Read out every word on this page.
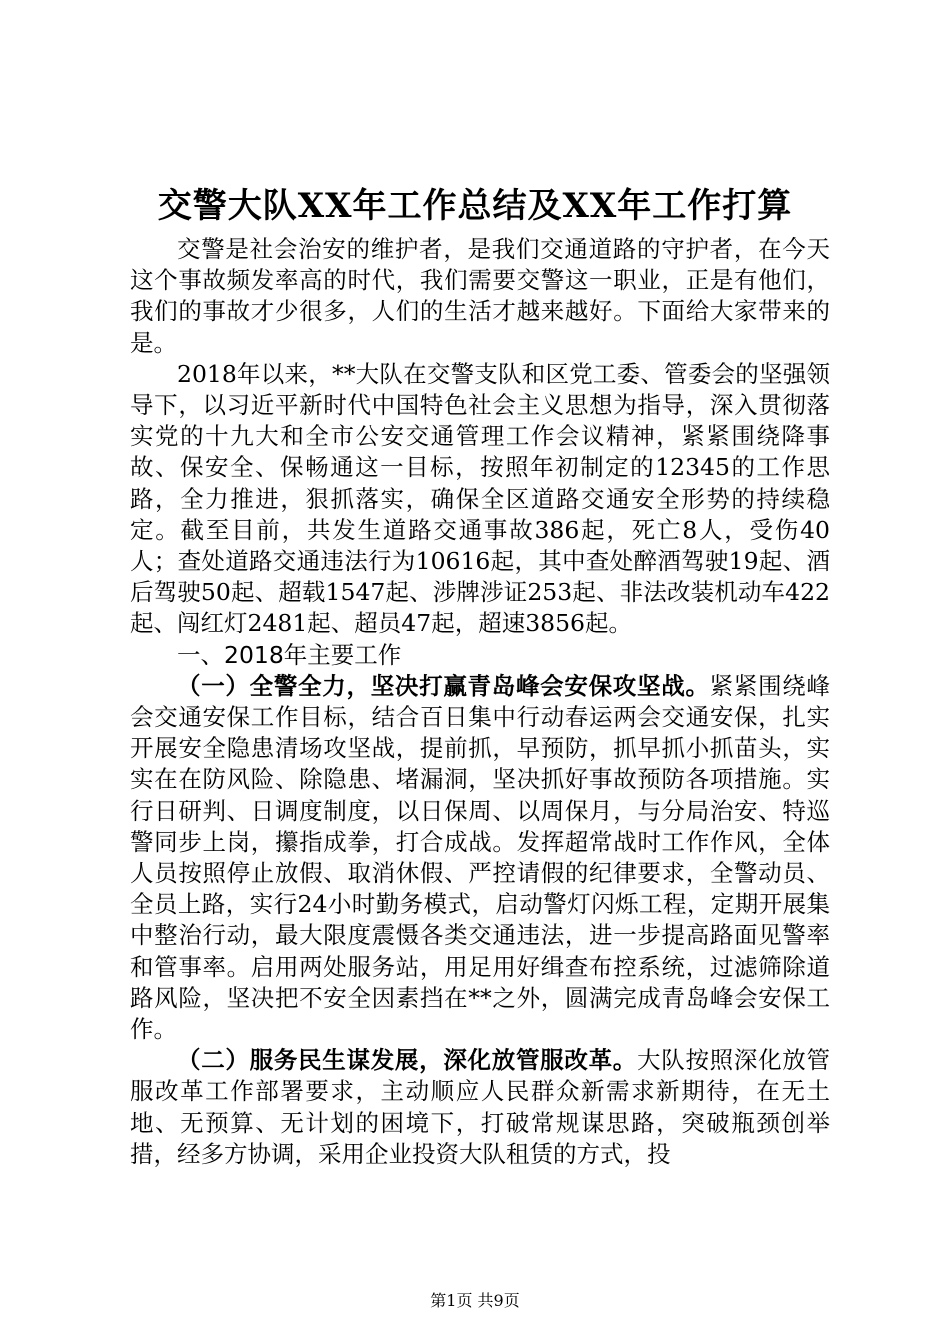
交警大队XX年工作总结及XX年工作打算

交警是社会治安的维护者，是我们交通道路的守护者，在今天这个事故频发率高的时代，我们需要交警这一职业，正是有他们，我们的事故才少很多，人们的生活才越来越好。下面给大家带来的是。

2018年以来，**大队在交警支队和区党工委、管委会的坚强领导下，以习近平新时代中国特色社会主义思想为指导，深入贯彻落实党的十九大和全市公安交通管理工作会议精神，紧紧围绕降事故、保安全、保畅通这一目标，按照年初制定的12345的工作思路，全力推进，狠抓落实，确保全区道路交通安全形势的持续稳定。截至目前，共发生道路交通事故386起，死亡8人，受伤40人；查处道路交通违法行为10616起，其中查处醉酒驾驶19起、酒后驾驶50起、超载1547起、涉牌涉证253起、非法改装机动车422起、闯红灯2481起、超员47起，超速3856起。

一、2018年主要工作

（一）全警全力，坚决打赢青岛峰会安保攻坚战。紧紧围绕峰会交通安保工作目标，结合百日集中行动春运两会交通安保，扎实开展安全隐患清场攻坚战，提前抓，早预防，抓早抓小抓苗头，实实在在防风险、除隐患、堵漏洞，坚决抓好事故预防各项措施。实行日研判、日调度制度，以日保周、以周保月，与分局治安、特巡警同步上岗，攥指成拳，打合成战。发挥超常战时工作作风，全体人员按照停止放假、取消休假、严控请假的纪律要求，全警动员、全员上路，实行24小时勤务模式，启动警灯闪烁工程，定期开展集中整治行动，最大限度震慑各类交通违法，进一步提高路面见警率和管事率。启用两处服务站，用足用好缉查布控系统，过滤筛除道路风险，坚决把不安全因素挡在**之外，圆满完成青岛峰会安保工作。

（二）服务民生谋发展，深化放管服改革。大队按照深化放管服改革工作部署要求，主动顺应人民群众新需求新期待，在无土地、无预算、无计划的困境下，打破常规谋思路，突破瓶颈创举措，经多方协调，采用企业投资大队租赁的方式，投

第1页 共9页
